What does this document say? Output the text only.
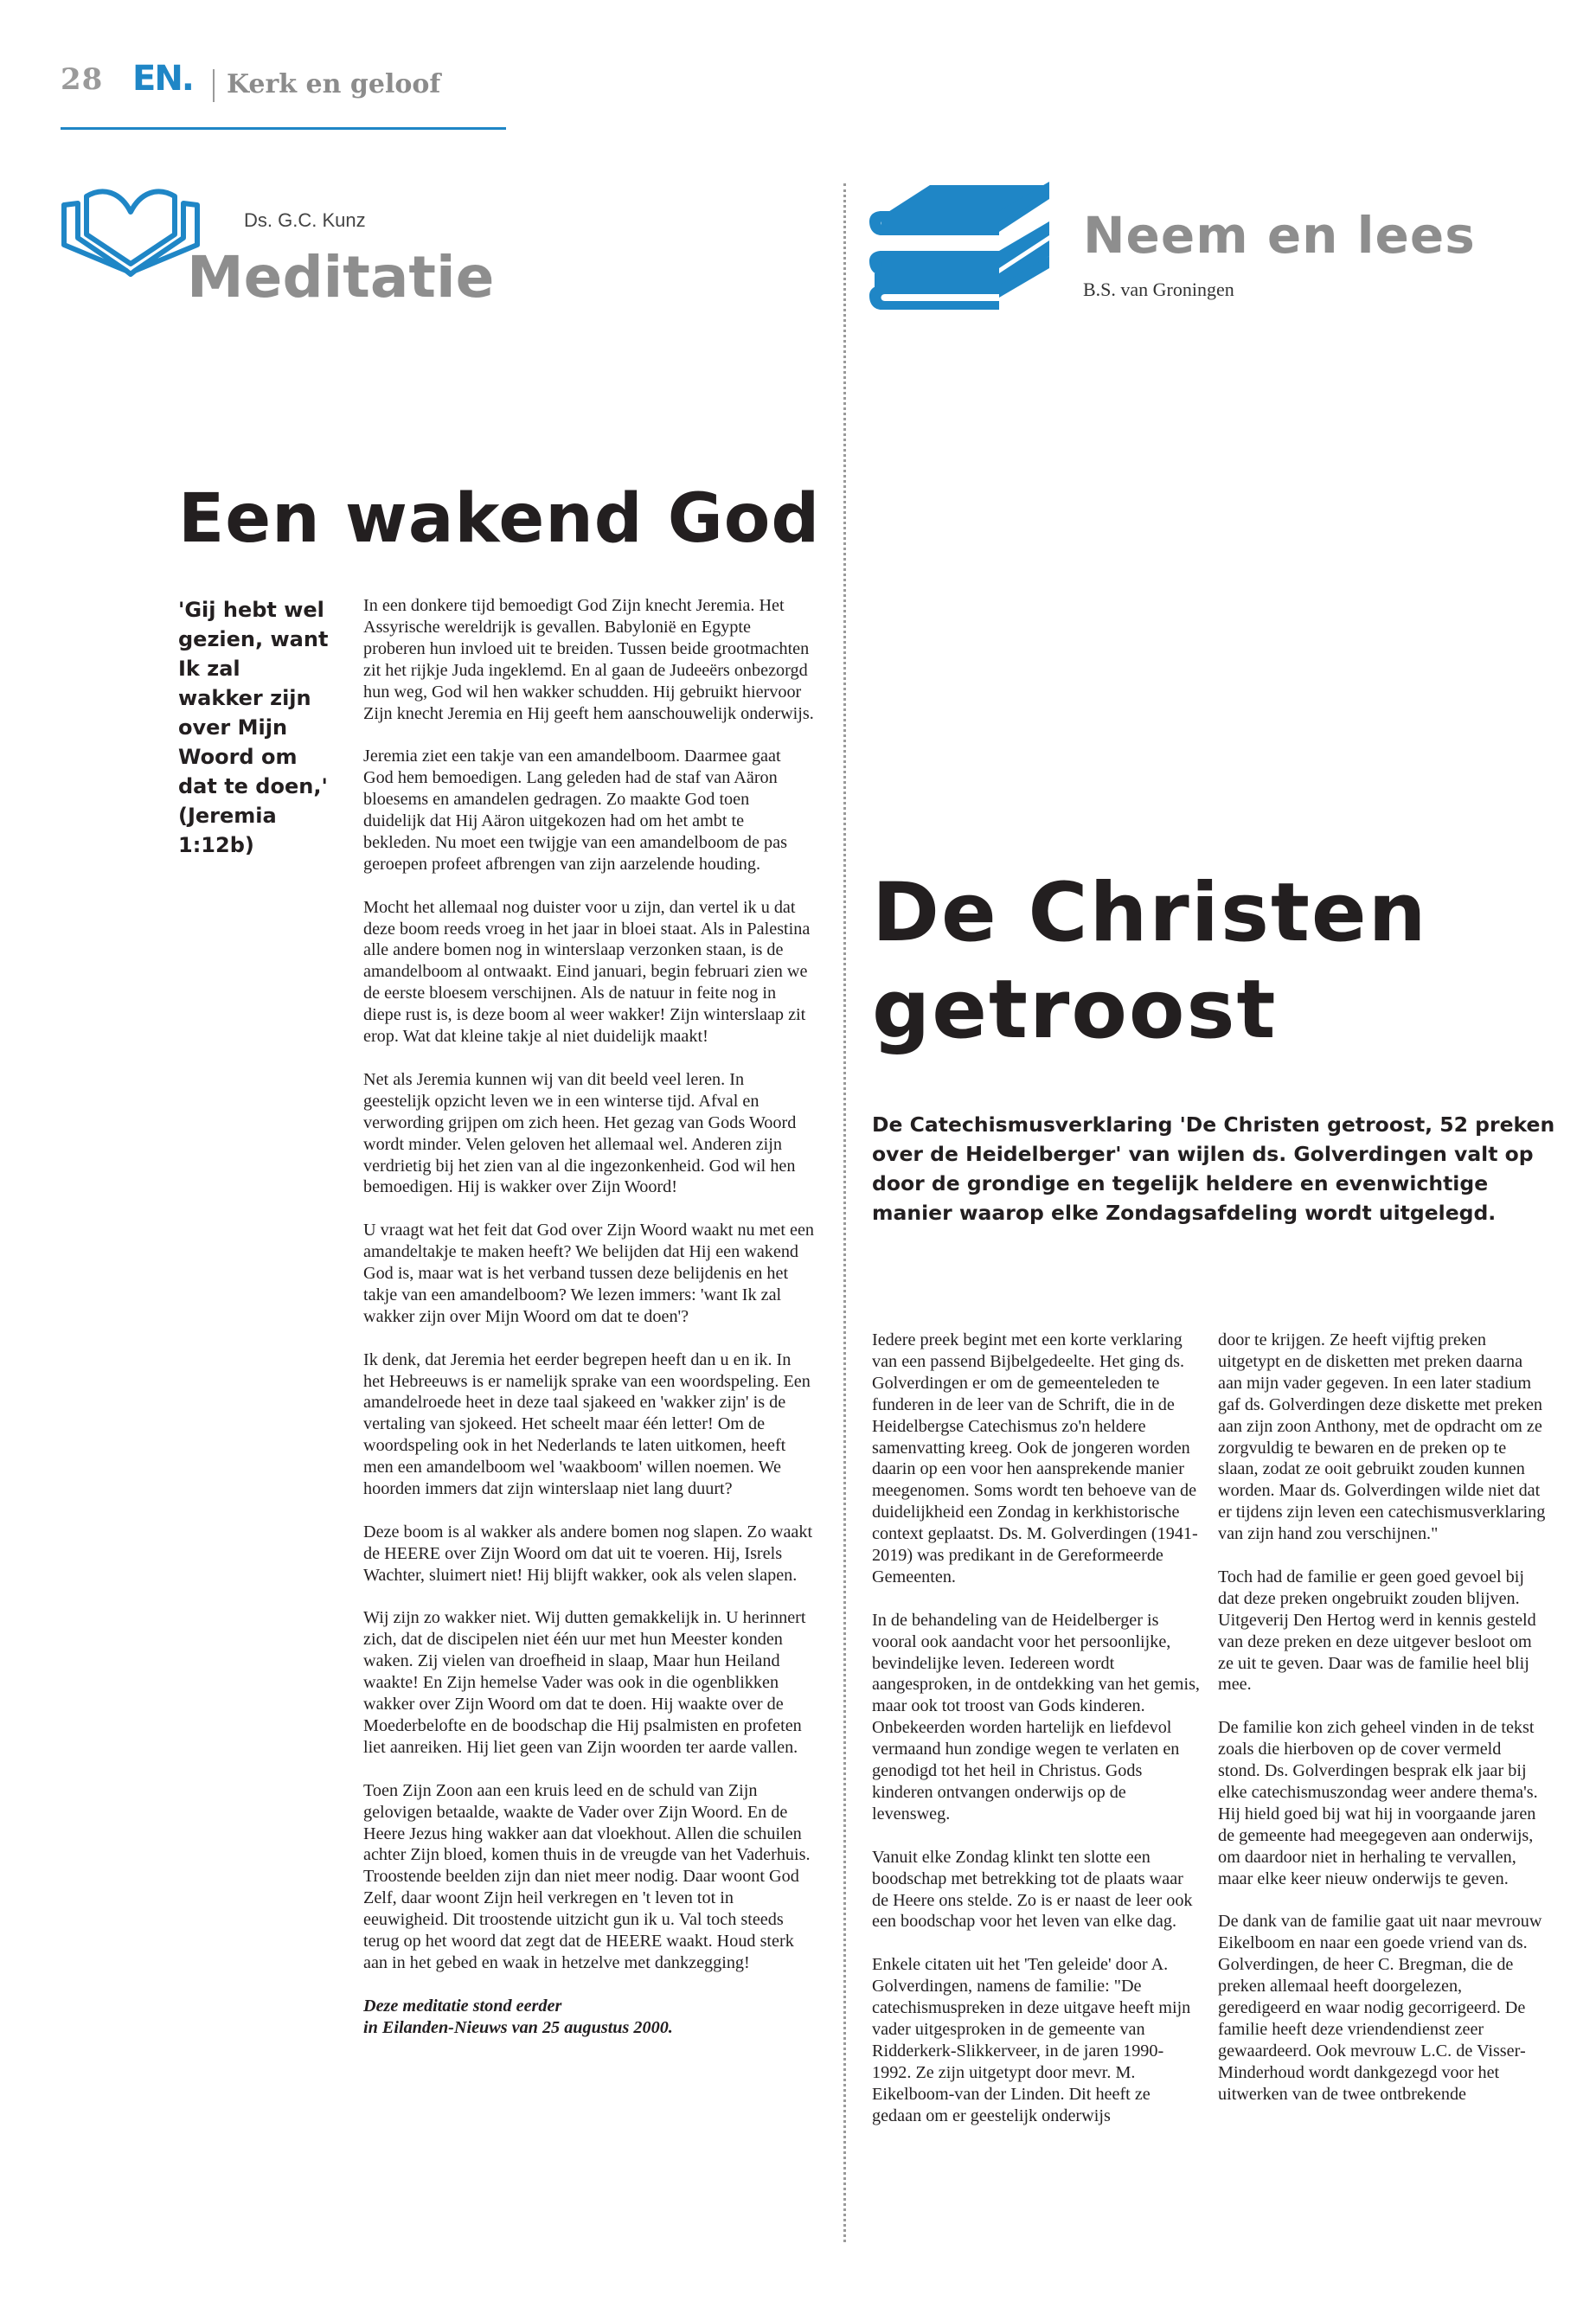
28 EN. Kerk en geloof
Ds. G.C. Kunz
Meditatie
Een wakend God
'Gij hebt wel gezien, want Ik zal wakker zijn over Mijn Woord om dat te doen,' (Jeremia 1:12b)

In een donkere tijd bemoedigt God Zijn knecht Jeremia. Het Assyrische wereldrijk is gevallen. Babylonië en Egypte proberen hun invloed uit te breiden. Tussen beide grootmachten zit het rijkje Juda ingeklemd. En al gaan de Judeeërs onbezorgd hun weg, God wil hen wakker schudden. Hij gebruikt hiervoor Zijn knecht Jeremia en Hij geeft hem aanschouwelijk onderwijs.

Jeremia ziet een takje van een amandelboom. Daarmee gaat God hem bemoedigen. Lang geleden had de staf van Aäron bloesems en amandelen gedragen. Zo maakte God toen duidelijk dat Hij Aäron uitgekozen had om het ambt te bekleden. Nu moet een twijgje van een amandelboom de pas geroepen profeet afbrengen van zijn aarzelende houding.

Mocht het allemaal nog duister voor u zijn, dan vertel ik u dat deze boom reeds vroeg in het jaar in bloei staat. Als in Palestina alle andere bomen nog in winterslaap verzonken staan, is de amandelboom al ontwaakt. Eind januari, begin februari zien we de eerste bloesem verschijnen. Als de natuur in feite nog in diepe rust is, is deze boom al weer wakker! Zijn winterslaap zit erop. Wat dat kleine takje al niet duidelijk maakt!

Net als Jeremia kunnen wij van dit beeld veel leren. In geestelijk opzicht leven we in een winterse tijd. Afval en verwording grijpen om zich heen. Het gezag van Gods Woord wordt minder. Velen geloven het allemaal wel. Anderen zijn verdrietig bij het zien van al die ingezonkenheid. God wil hen bemoedigen. Hij is wakker over Zijn Woord!

U vraagt wat het feit dat God over Zijn Woord waakt nu met een amandeltakje te maken heeft? We belijden dat Hij een wakend God is, maar wat is het verband tussen deze belijdenis en het takje van een amandelboom? We lezen immers: 'want Ik zal wakker zijn over Mijn Woord om dat te doen'?

Ik denk, dat Jeremia het eerder begrepen heeft dan u en ik. In het Hebreeuws is er namelijk sprake van een woordspeling. Een amandelroede heet in deze taal sjakeed en 'wakker zijn' is de vertaling van sjokeed. Het scheelt maar één letter! Om de woordspeling ook in het Nederlands te laten uitkomen, heeft men een amandelboom wel 'waakboom' willen noemen. We hoorden immers dat zijn winterslaap niet lang duurt?

Deze boom is al wakker als andere bomen nog slapen. Zo waakt de HEERE over Zijn Woord om dat uit te voeren. Hij, Isrels Wachter, sluimert niet! Hij blijft wakker, ook als velen slapen.

Wij zijn zo wakker niet. Wij dutten gemakkelijk in. U herinnert zich, dat de discipelen niet één uur met hun Meester konden waken. Zij vielen van droefheid in slaap, Maar hun Heiland waakte! En Zijn hemelse Vader was ook in die ogenblikken wakker over Zijn Woord om dat te doen. Hij waakte over de Moederbelofte en de boodschap die Hij psalmisten en profeten liet aanreiken. Hij liet geen van Zijn woorden ter aarde vallen.

Toen Zijn Zoon aan een kruis leed en de schuld van Zijn gelovigen betaalde, waakte de Vader over Zijn Woord. En de Heere Jezus hing wakker aan dat vloekhout. Allen die schuilen achter Zijn bloed, komen thuis in de vreugde van het Vaderhuis. Troostende beelden zijn dan niet meer nodig. Daar woont God Zelf, daar woont Zijn heil verkregen en 't leven tot in eeuwigheid. Dit troostende uitzicht gun ik u. Val toch steeds terug op het woord dat zegt dat de HEERE waakt. Houd sterk aan in het gebed en waak in hetzelve met dankzegging!

Deze meditatie stond eerder
in Eilanden-Nieuws van 25 augustus 2000.

Neem en lees
B.S. van Groningen
De Christen
getroost
De Catechismusverklaring 'De Christen getroost, 52 preken over de Heidelberger' van wijlen ds. Golverdingen valt op door de grondige en tegelijk heldere en evenwichtige manier waarop elke Zondagsafdeling wordt uitgelegd.

Iedere preek begint met een korte verklaring van een passend Bijbelgedeelte. Het ging ds. Golverdingen er om de gemeenteleden te funderen in de leer van de Schrift, die in de Heidelbergse Catechismus zo'n heldere samenvatting kreeg. Ook de jongeren worden daarin op een voor hen aansprekende manier meegenomen. Soms wordt ten behoeve van de duidelijkheid een Zondag in kerkhistorische context geplaatst. Ds. M. Golverdingen (1941-2019) was predikant in de Gereformeerde Gemeenten.

In de behandeling van de Heidelberger is vooral ook aandacht voor het persoonlijke, bevindelijke leven. Iedereen wordt aangesproken, in de ontdekking van het gemis, maar ook tot troost van Gods kinderen. Onbekeerden worden hartelijk en liefdevol vermaand hun zondige wegen te verlaten en genodigd tot het heil in Christus. Gods kinderen ontvangen onderwijs op de levensweg.

Vanuit elke Zondag klinkt ten slotte een boodschap met betrekking tot de plaats waar de Heere ons stelde. Zo is er naast de leer ook een boodschap voor het leven van elke dag.

Enkele citaten uit het 'Ten geleide' door A. Golverdingen, namens de familie: "De catechismuspreken in deze uitgave heeft mijn vader uitgesproken in de gemeente van Ridderkerk-Slikkerveer, in de jaren 1990-1992. Ze zijn uitgetypt door mevr. M. Eikelboom-van der Linden. Dit heeft ze gedaan om er geestelijk onderwijs

door te krijgen. Ze heeft vijftig preken uitgetypt en de disketten met preken daarna aan mijn vader gegeven. In een later stadium gaf ds. Golverdingen deze diskette met preken aan zijn zoon Anthony, met de opdracht om ze zorgvuldig te bewaren en de preken op te slaan, zodat ze ooit gebruikt zouden kunnen worden. Maar ds. Golverdingen wilde niet dat er tijdens zijn leven een catechismusverklaring van zijn hand zou verschijnen."

Toch had de familie er geen goed gevoel bij dat deze preken ongebruikt zouden blijven. Uitgeverij Den Hertog werd in kennis gesteld van deze preken en deze uitgever besloot om ze uit te geven. Daar was de familie heel blij mee.

De familie kon zich geheel vinden in de tekst zoals die hierboven op de cover vermeld stond. Ds. Golverdingen besprak elk jaar bij elke catechismuszondag weer andere thema's. Hij hield goed bij wat hij in voorgaande jaren de gemeente had meegegeven aan onderwijs, om daardoor niet in herhaling te vervallen, maar elke keer nieuw onderwijs te geven.

De dank van de familie gaat uit naar mevrouw Eikelboom en naar een goede vriend van ds. Golverdingen, de heer C. Bregman, die de preken allemaal heeft doorgelezen, geredigeerd en waar nodig gecorrigeerd. De familie heeft deze vriendendienst zeer gewaardeerd. Ook mevrouw L.C. de Visser-Minderhoud wordt dankgezegd voor het uitwerken van de twee ontbrekende
